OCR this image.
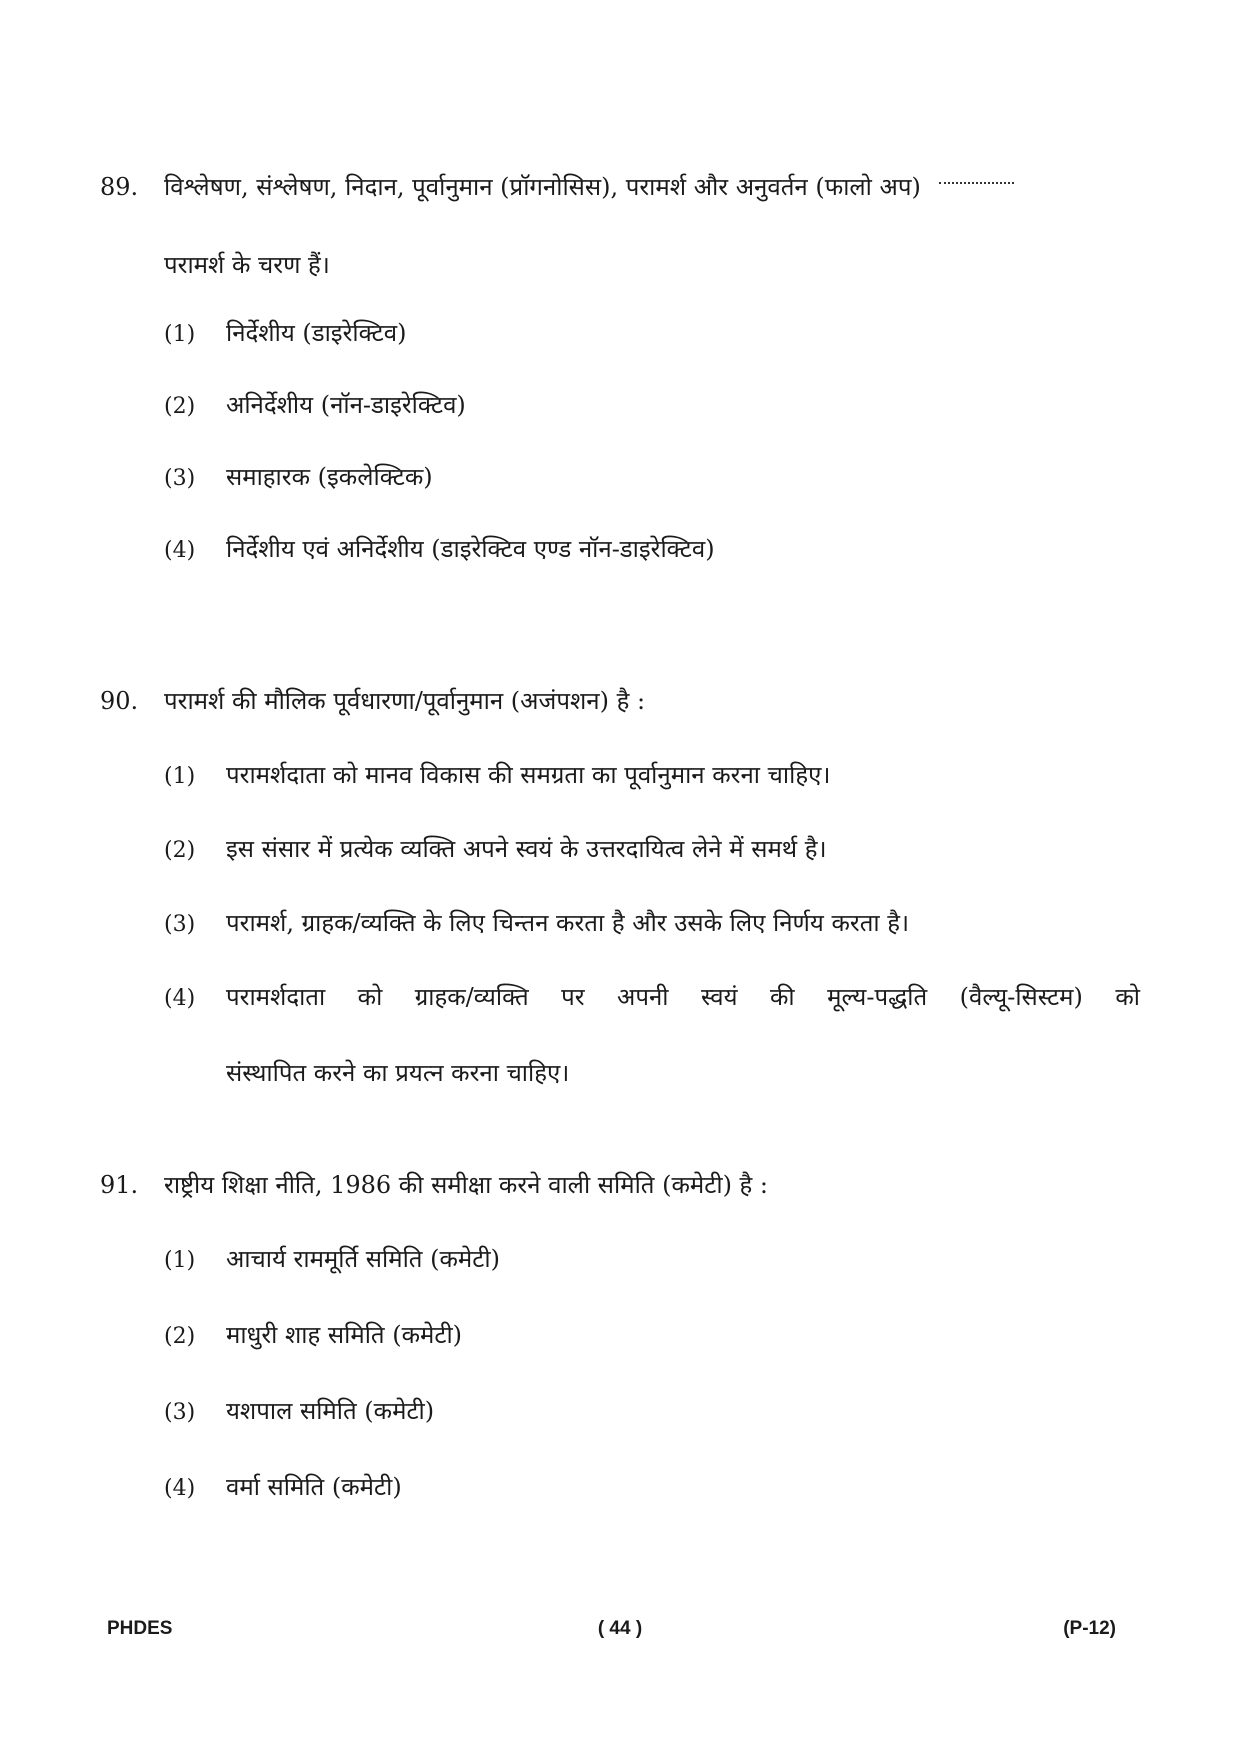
89.	विश्लेषण, संश्लेषण, निदान, पूर्वानुमान (प्रॉगनोसिस), परामर्श और अनुवर्तन (फालो अप)
परामर्श के चरण हैं।
(1)	निर्देशीय (डाइरेक्टिव)
(2)	अनिर्देशीय (नॉन-डाइरेक्टिव)
(3)	समाहारक (इकलेक्टिक)
(4)	निर्देशीय एवं अनिर्देशीय (डाइरेक्टिव एण्ड नॉन-डाइरेक्टिव)
90.	परामर्श की मौलिक पूर्वधारणा/पूर्वानुमान (अजंपशन) है :
(1)	परामर्शदाता को मानव विकास की समग्रता का पूर्वानुमान करना चाहिए।
(2)	इस संसार में प्रत्येक व्यक्ति अपने स्वयं के उत्तरदायित्व लेने में समर्थ है।
(3)	परामर्श, ग्राहक/व्यक्ति के लिए चिन्तन करता है और उसके लिए निर्णय करता है।
(4)	परामर्शदाता को ग्राहक/व्यक्ति पर अपनी स्वयं की मूल्य-पद्धति (वैल्यू-सिस्टम) को
संस्थापित करने का प्रयत्न करना चाहिए।
91.	राष्ट्रीय शिक्षा नीति, 1986 की समीक्षा करने वाली समिति (कमेटी) है :
(1)	आचार्य राममूर्ति समिति (कमेटी)
(2)	माधुरी शाह समिति (कमेटी)
(3)	यशपाल समिति (कमेटी)
(4)	वर्मा समिति (कमेटी)
PHDES	( 44 )	(P-12)
